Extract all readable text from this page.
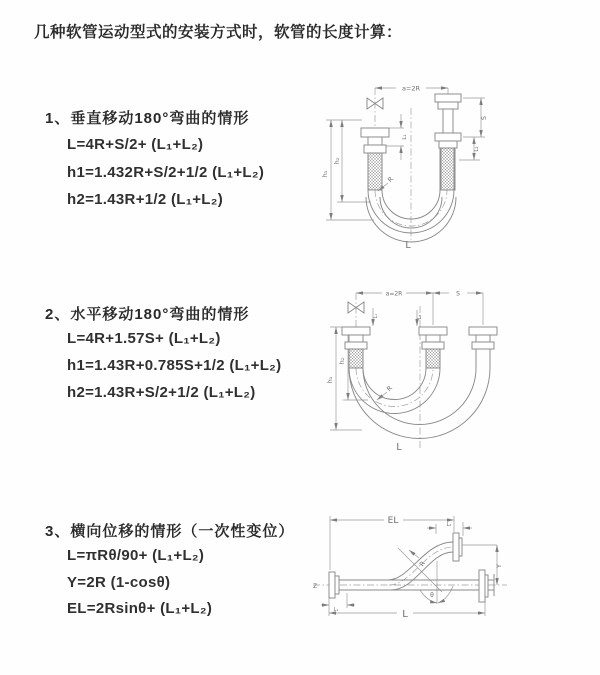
几种软管运动型式的安装方式时，软管的长度计算：
1、垂直移动180°弯曲的情形
L=4R+S/2+ (L₁+L₂)
h1=1.432R+S/2+1/2 (L₁+L₂)
h2=1.43R+1/2 (L₁+L₂)
2、水平移动180°弯曲的情形
L=4R+1.57S+ (L₁+L₂)
h1=1.43R+0.785S+1/2 (L₁+L₂)
h2=1.43R+S/2+1/2 (L₁+L₂)
3、横向位移的情形（一次性变位）
L=πRθ/90+ (L₁+L₂)
Y=2R (1-cosθ)
EL=2Rsinθ+ (L₁+L₂)
a=2R
h₁
h₂
L₁
S
L₂
R
L
a=2R	S
h₁
h₂
L₁	L₂
R
L
EL	L₂
Y
R
θ
Z
L₁	L
